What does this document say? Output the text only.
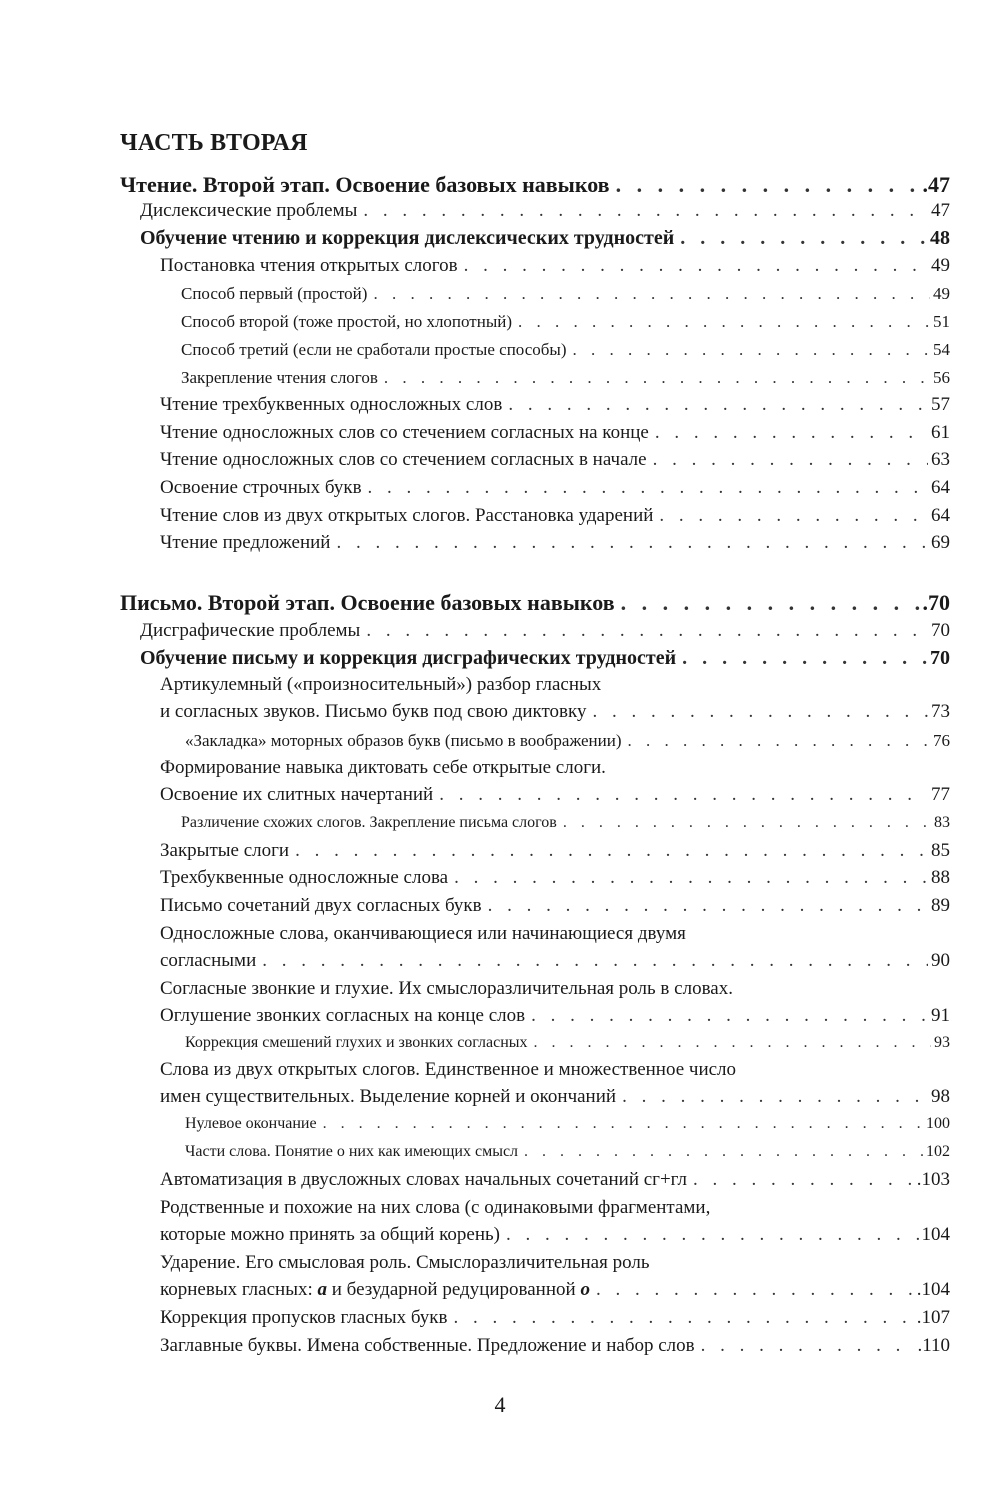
ЧАСТЬ ВТОРАЯ
Чтение. Второй этап. Освоение базовых навыков . . .	.47
Дислексические проблемы . . .	47
Обучение чтению и коррекция дислексических трудностей . . .	48
Постановка чтения открытых слогов . . .	49
Способ первый (простой) . . .	49
Способ второй (тоже простой, но хлопотный) . . .	51
Способ третий (если не сработали простые способы) . . .	54
Закрепление чтения слогов . . .	56
Чтение трехбуквенных односложных слов . . .	57
Чтение односложных слов со стечением согласных на конце . . .	61
Чтение односложных слов со стечением согласных в начале . . .	63
Освоение строчных букв . . .	64
Чтение слов из двух открытых слогов. Расстановка ударений . . .	64
Чтение предложений . . .	69
Письмо. Второй этап. Освоение базовых навыков . . .	.70
Дисграфические проблемы . . .	70
Обучение письму и коррекция дисграфических трудностей . . .	70
Артикулемный («произносительный») разбор гласных
и согласных звуков. Письмо букв под свою диктовку . . .	73
«Закладка» моторных образов букв (письмо в воображении) . . .	76
Формирование навыка диктовать себе открытые слоги.
Освоение их слитных начертаний . . .	77
Различение схожих слогов. Закрепление письма слогов . . .	83
Закрытые слоги . . .	85
Трехбуквенные односложные слова . . .	88
Письмо сочетаний двух согласных букв . . .	89
Односложные слова, оканчивающиеся или начинающиеся двумя
согласными . . .	90
Согласные звонкие и глухие. Их смыслоразличительная роль в словах.
Оглушение звонких согласных на конце слов . . .	91
Коррекция смешений глухих и звонких согласных . . .	93
Слова из двух открытых слогов. Единственное и множественное число
имен существительных. Выделение корней и окончаний . . .	98
Нулевое окончание . . .	100
Части слова. Понятие о них как имеющих смысл . . .	102
Автоматизация в двусложных словах начальных сочетаний сг+гл . . .	.103
Родственные и похожие на них слова (с одинаковыми фрагментами,
которые можно принять за общий корень) . . .	104
Ударение. Его смысловая роль. Смыслоразличительная роль
корневых гласных: а и безударной редуцированной о . . .	.104
Коррекция пропусков гласных букв . . .	.107
Заглавные буквы. Имена собственные. Предложение и набор слов . . .	.110
4
